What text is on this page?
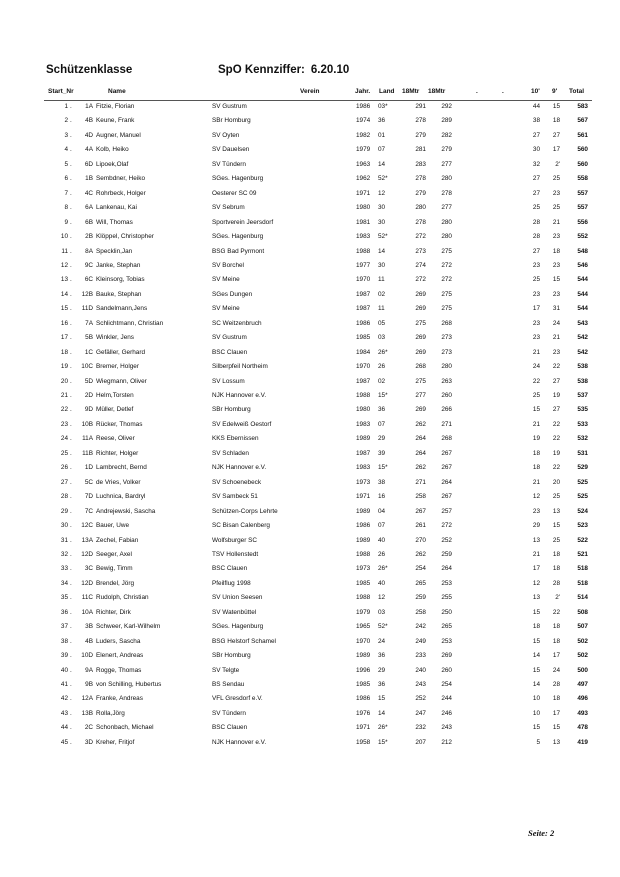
Schützenklasse	SpO Kennziffer: 6.20.10
Start_Nr	Name	Verein	Jahr. Land 18Mtr 18Mtr	.	.	10' 9' Total
1 .	1A Fitzie, Florian	SV Gustrum	1986 03*	291	292	44	15	583
2 .	4B Keune, Frank	SBr Homburg	1974 36	278	289	38	18	567
3 .	4D Augner, Manuel	SV Oyten	1982 01	279	282	27	27	561
4 .	4A Kolb, Heiko	SV Dauelsen	1979 07	281	279	30	17	560
5 .	6D Lipoek,Olaf	SV Tündern	1963 14	283	277	32	2'	560
6 .	1B Sembdner, Heiko	SGes. Hagenburg	1962 52*	278	280	27	25	558
7 .	4C Rohrbeck, Holger	Oesterer SC 09	1971 12	279	278	27	23	557
8 .	6A Lankenau, Kai	SV Sebrum	1980 30	280	277	25	25	557
9 .	6B Will, Thomas	Sportverein Jeersdorf	1981 30	278	280	28	21	556
10 .	2B Klöppel, Christopher	SGes. Hagenburg	1983 52*	272	280	28	23	552
11 .	8A Specklin,Jan	BSG Bad Pyrmont	1988 14	273	275	27	18	548
12 .	9C Janke, Stephan	SV Borchel	1977 30	274	272	23	23	546
13 .	6C Kleinsorg, Tobias	SV Meine	1970 11	272	272	25	15	544
14 .	12B Bauke, Stephan	SGes Dungen	1987 02	269	275	23	23	544
15 .	11D Sandelmann,Jens	SV Meine	1987 11	269	275	17	31	544
16 .	7A Schlichtmann, Christian	SC Weitzenbruch	1986 05	275	268	23	24	543
17 .	5B Winkler, Jens	SV Gustrum	1985 03	269	273	23	21	542
18 .	1C Gefäller, Gerhard	BSC Clauen	1984 26*	269	273	21	23	542
19 .	10C Bremer, Holger	Silberpfeil Northeim	1970 26	268	280	24	22	538
20 .	5D Wiegmann, Oliver	SV Lossum	1987 02	275	263	22	27	538
21 .	2D Helm,Torsten	NJK Hannover e.V.	1988 15*	277	260	25	19	537
22 .	9D Müller, Detlef	SBr Homburg	1980 36	269	266	15	27	535
23 .	10B Rücker, Thomas	SV Edelweiß Oestorf	1983 07	262	271	21	22	533
24 .	11A Reese, Oliver	KKS Ebernissen	1989 29	264	268	19	22	532
25 .	11B Richter, Holger	SV Schladen	1987 39	264	267	18	19	531
26 .	1D Lambrecht, Bernd	NJK Hannover e.V.	1983 15*	262	267	18	22	529
27 .	5C de Vries, Volker	SV Schoenebeck	1973 38	271	264	21	20	525
28 .	7D Luchnica, Bardryl	SV Sambeck 51	1971 16	258	267	12	25	525
29 .	7C Andrejewski, Sascha	Schützen-Corps Lehrte	1989 04	267	257	23	13	524
30 .	12C Bauer, Uwe	SC Bisan Calenberg	1986 07	261	272	29	15	523
31 .	13A Zechel, Fabian	Wolfsburger SC	1989 40	270	252	13	25	522
32 .	12D Seeger, Axel	TSV Hollenstedt	1988 26	262	259	21	18	521
33 .	3C Bewig, Timm	BSC Clauen	1973 26*	254	264	17	18	518
34 .	12D Brendel, Jörg	Pfeilflug 1998	1985 40	265	253	12	28	518
35 .	11C Rudolph, Christian	SV Union Seesen	1988 12	259	255	13	2'	514
36 .	10A Richter, Dirk	SV Watenbüttel	1979 03	258	250	15	22	508
37 .	3B Schweer, Karl-Wilhelm	SGes. Hagenburg	1965 52*	242	265	18	18	507
38 .	4B Luders, Sascha	BSG Helstorf Schamel	1970 24	249	253	15	18	502
39 .	10D Elenert, Andreas	SBr Homburg	1989 36	233	269	14	17	502
40 .	9A Rogge, Thomas	SV Telgte	1996 29	240	260	15	24	500
41 .	9B von Schilling, Hubertus	BS Sendau	1985 36	243	254	14	28	497
42 .	12A Franke, Andreas	VFL Gresdorf e.V.	1986 15	252	244	10	18	496
43 .	13B Rolla,Jörg	SV Tündern	1976 14	247	246	10	17	493
44 .	2C Schonbach, Michael	BSC Clauen	1971 26*	232	243	15	15	478
45 .	3D Kreher, Fritjof	NJK Hannover e.V.	1958 15*	207	212	5	13	419
Seite: 2
